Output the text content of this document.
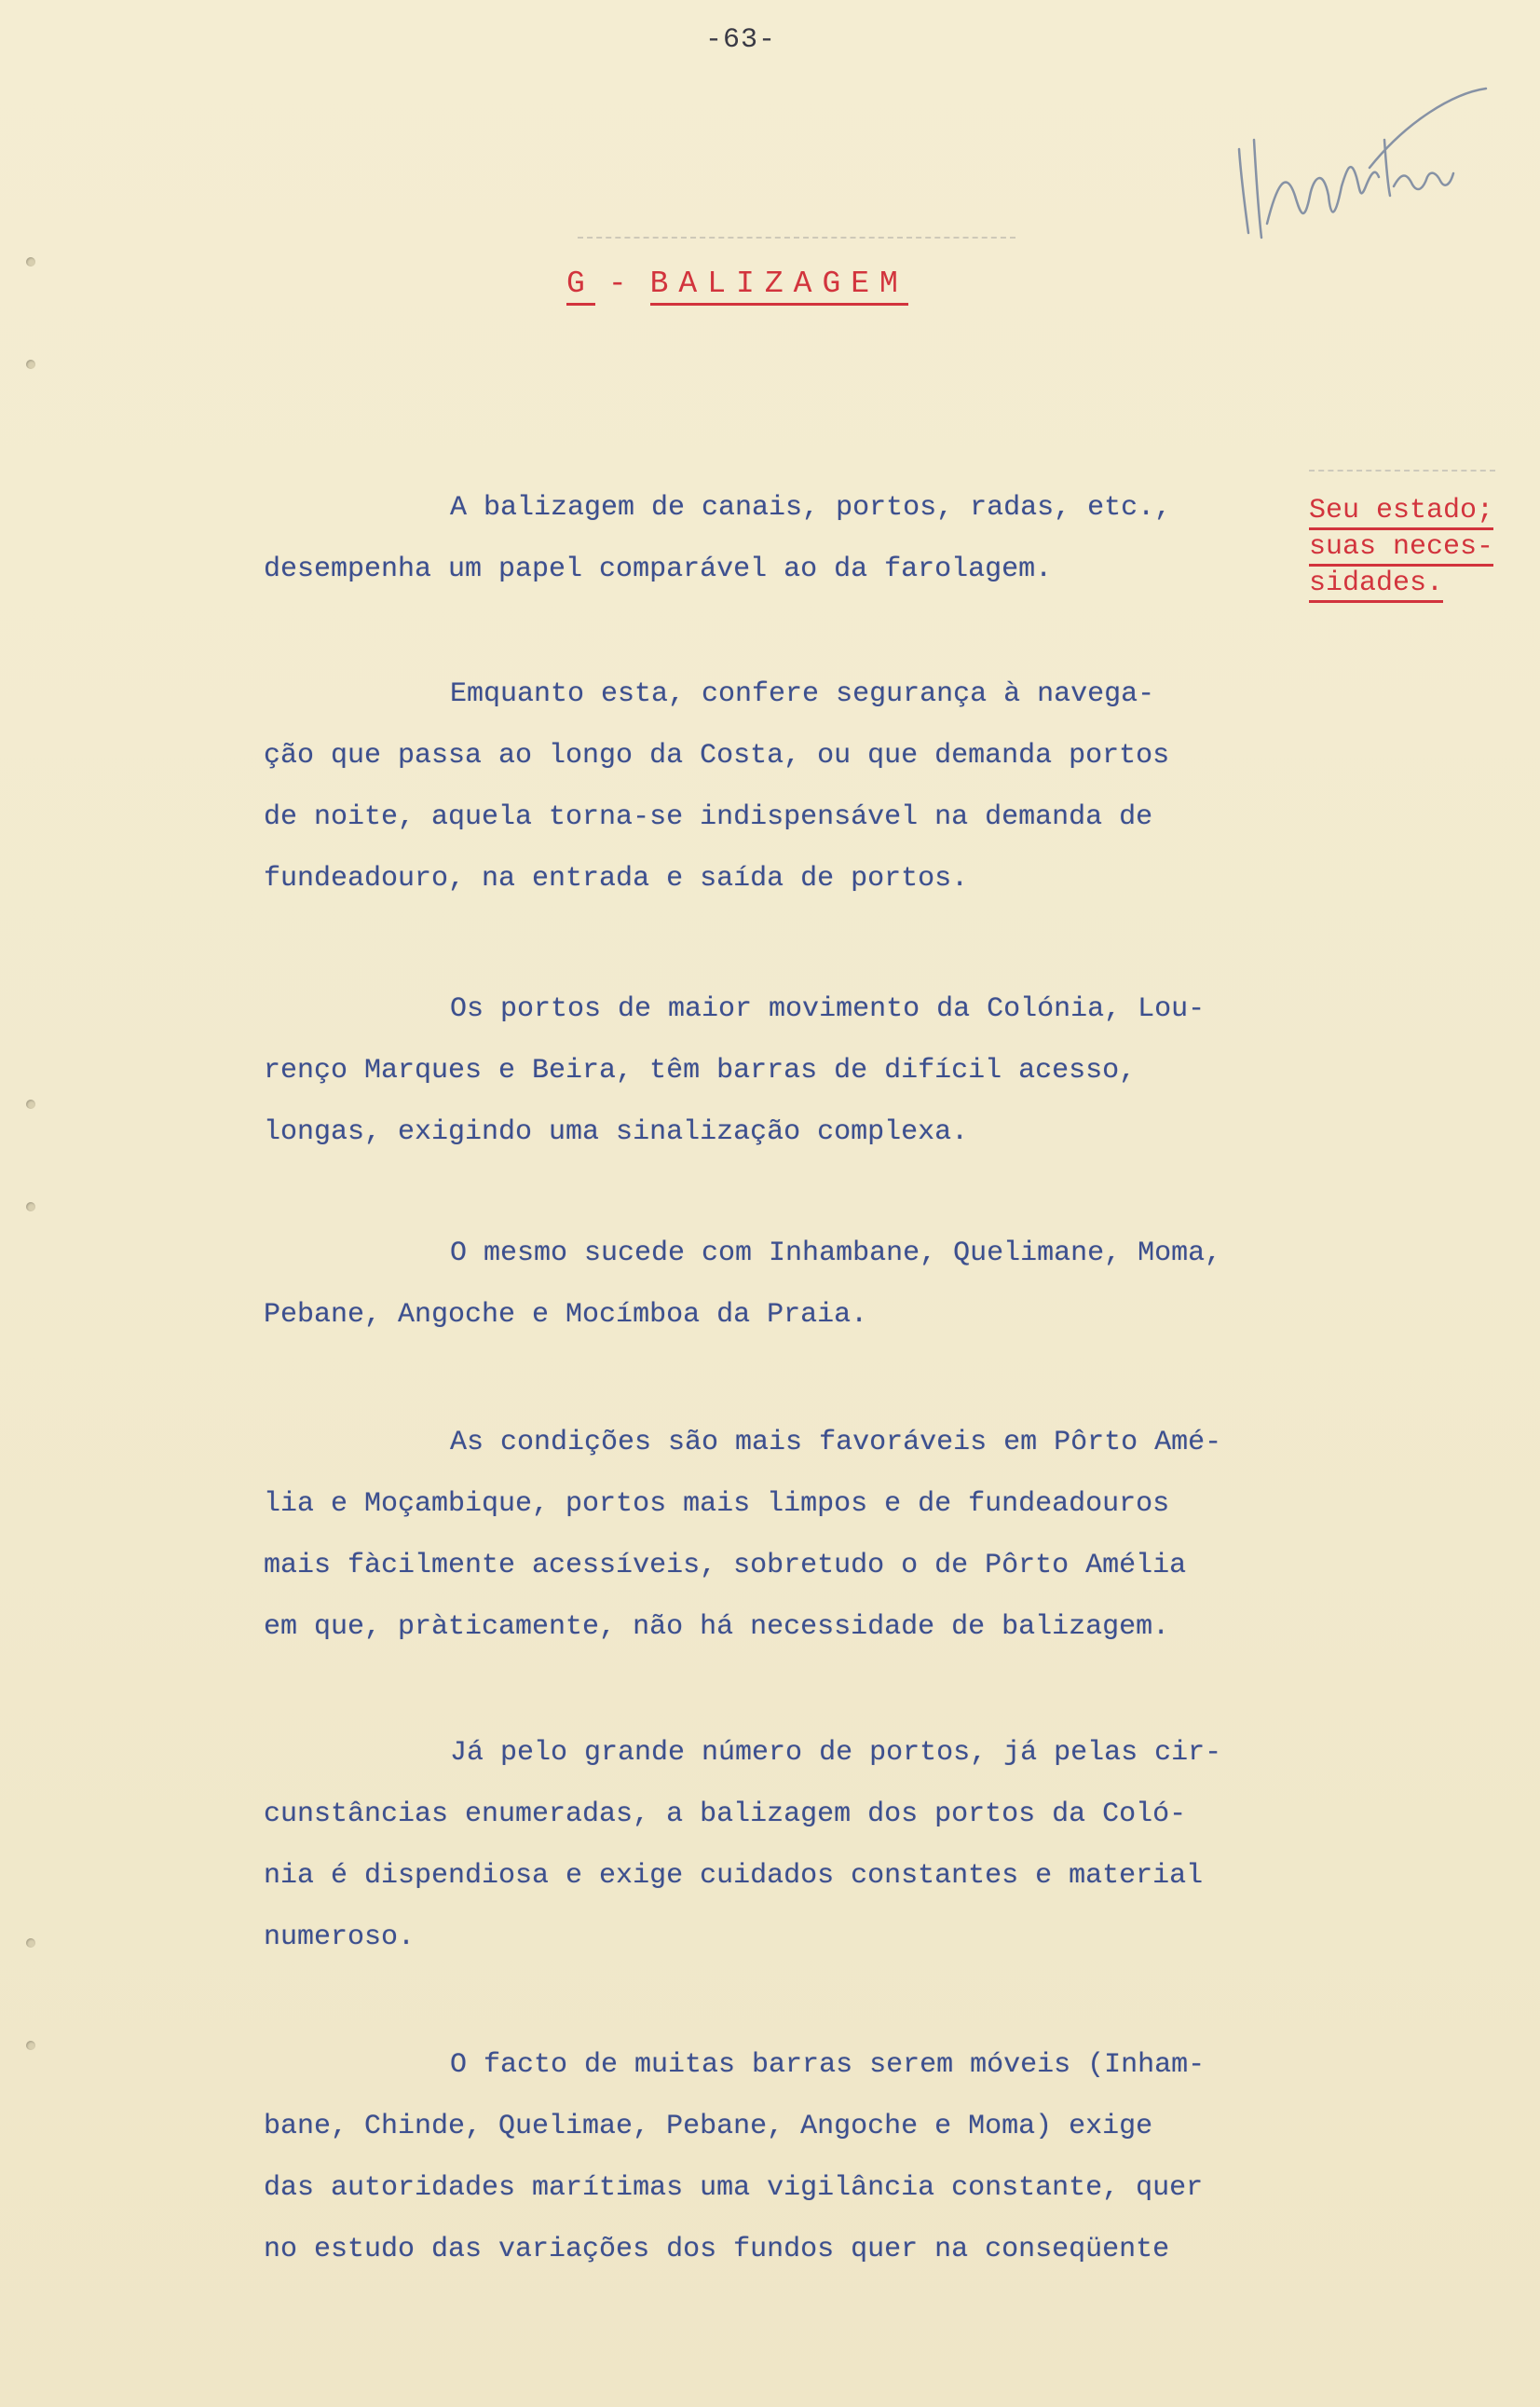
-63-
G - BALIZAGEM
Seu estado;
suas neces-
sidades.
A balizagem de canais, portos, radas, etc.,
desempenha um papel comparável ao da farolagem.
Emquanto esta, confere segurança à navega-
ção que passa ao longo da Costa, ou que demanda portos
de noite, aquela torna-se indispensável na demanda de
fundeadouro, na entrada e saída de portos.
Os portos de maior movimento da Colónia, Lou-
renço Marques e Beira, têm barras de difícil acesso,
longas, exigindo uma sinalização complexa.
O mesmo sucede com Inhambane, Quelimane, Moma,
Pebane, Angoche e Mocímboa da Praia.
As condições são mais favoráveis em Pôrto Amé-
lia e Moçambique, portos mais limpos e de fundeadouros
mais fàcilmente acessíveis, sobretudo o de Pôrto Amélia
em que, pràticamente, não há necessidade de balizagem.
Já pelo grande número de portos, já pelas cir-
cunstâncias enumeradas, a balizagem dos portos da Coló-
nia é dispendiosa e exige cuidados constantes e material
numeroso.
O facto de muitas barras serem móveis (Inham-
bane, Chinde, Quelimae, Pebane, Angoche e Moma) exige
das autoridades marítimas uma vigilância constante, quer
no estudo das variações dos fundos quer na conseqüente
